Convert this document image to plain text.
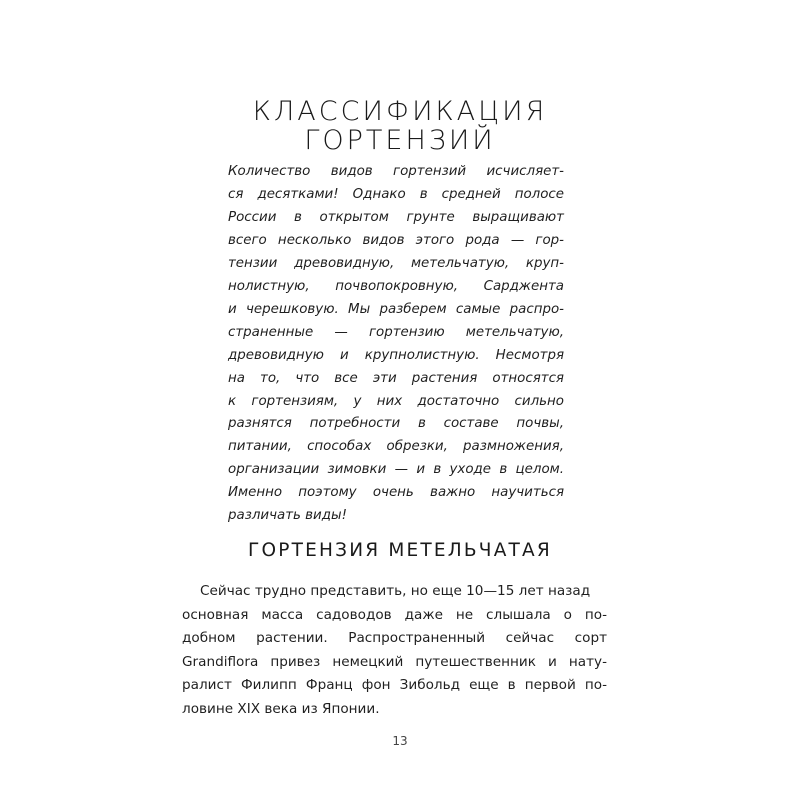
КЛАССИФИКАЦИЯ
ГОРТЕНЗИЙ
Количество видов гортензий исчисляет-
ся десятками! Однако в средней полосе
России в открытом грунте выращивают
всего несколько видов этого рода — гор-
тензии древовидную, метельчатую, круп-
нолистную, почвопокровную, Сарджента
и черешковую. Мы разберем самые распро-
страненные — гортензию метельчатую,
древовидную и крупнолистную. Несмотря
на то, что все эти растения относятся
к гортензиям, у них достаточно сильно
разнятся потребности в составе почвы,
питании, способах обрезки, размножения,
организации зимовки — и в уходе в целом.
Именно поэтому очень важно научиться
различать виды!
ГОРТЕНЗИЯ МЕТЕЛЬЧАТАЯ
Сейчас трудно представить, но еще 10—15 лет назад
основная масса садоводов даже не слышала о по-
добном растении. Распространенный сейчас сорт
Grandiflora привез немецкий путешественник и нату-
ралист Филипп Франц фон Зибольд еще в первой по-
ловине XIX века из Японии.
13
